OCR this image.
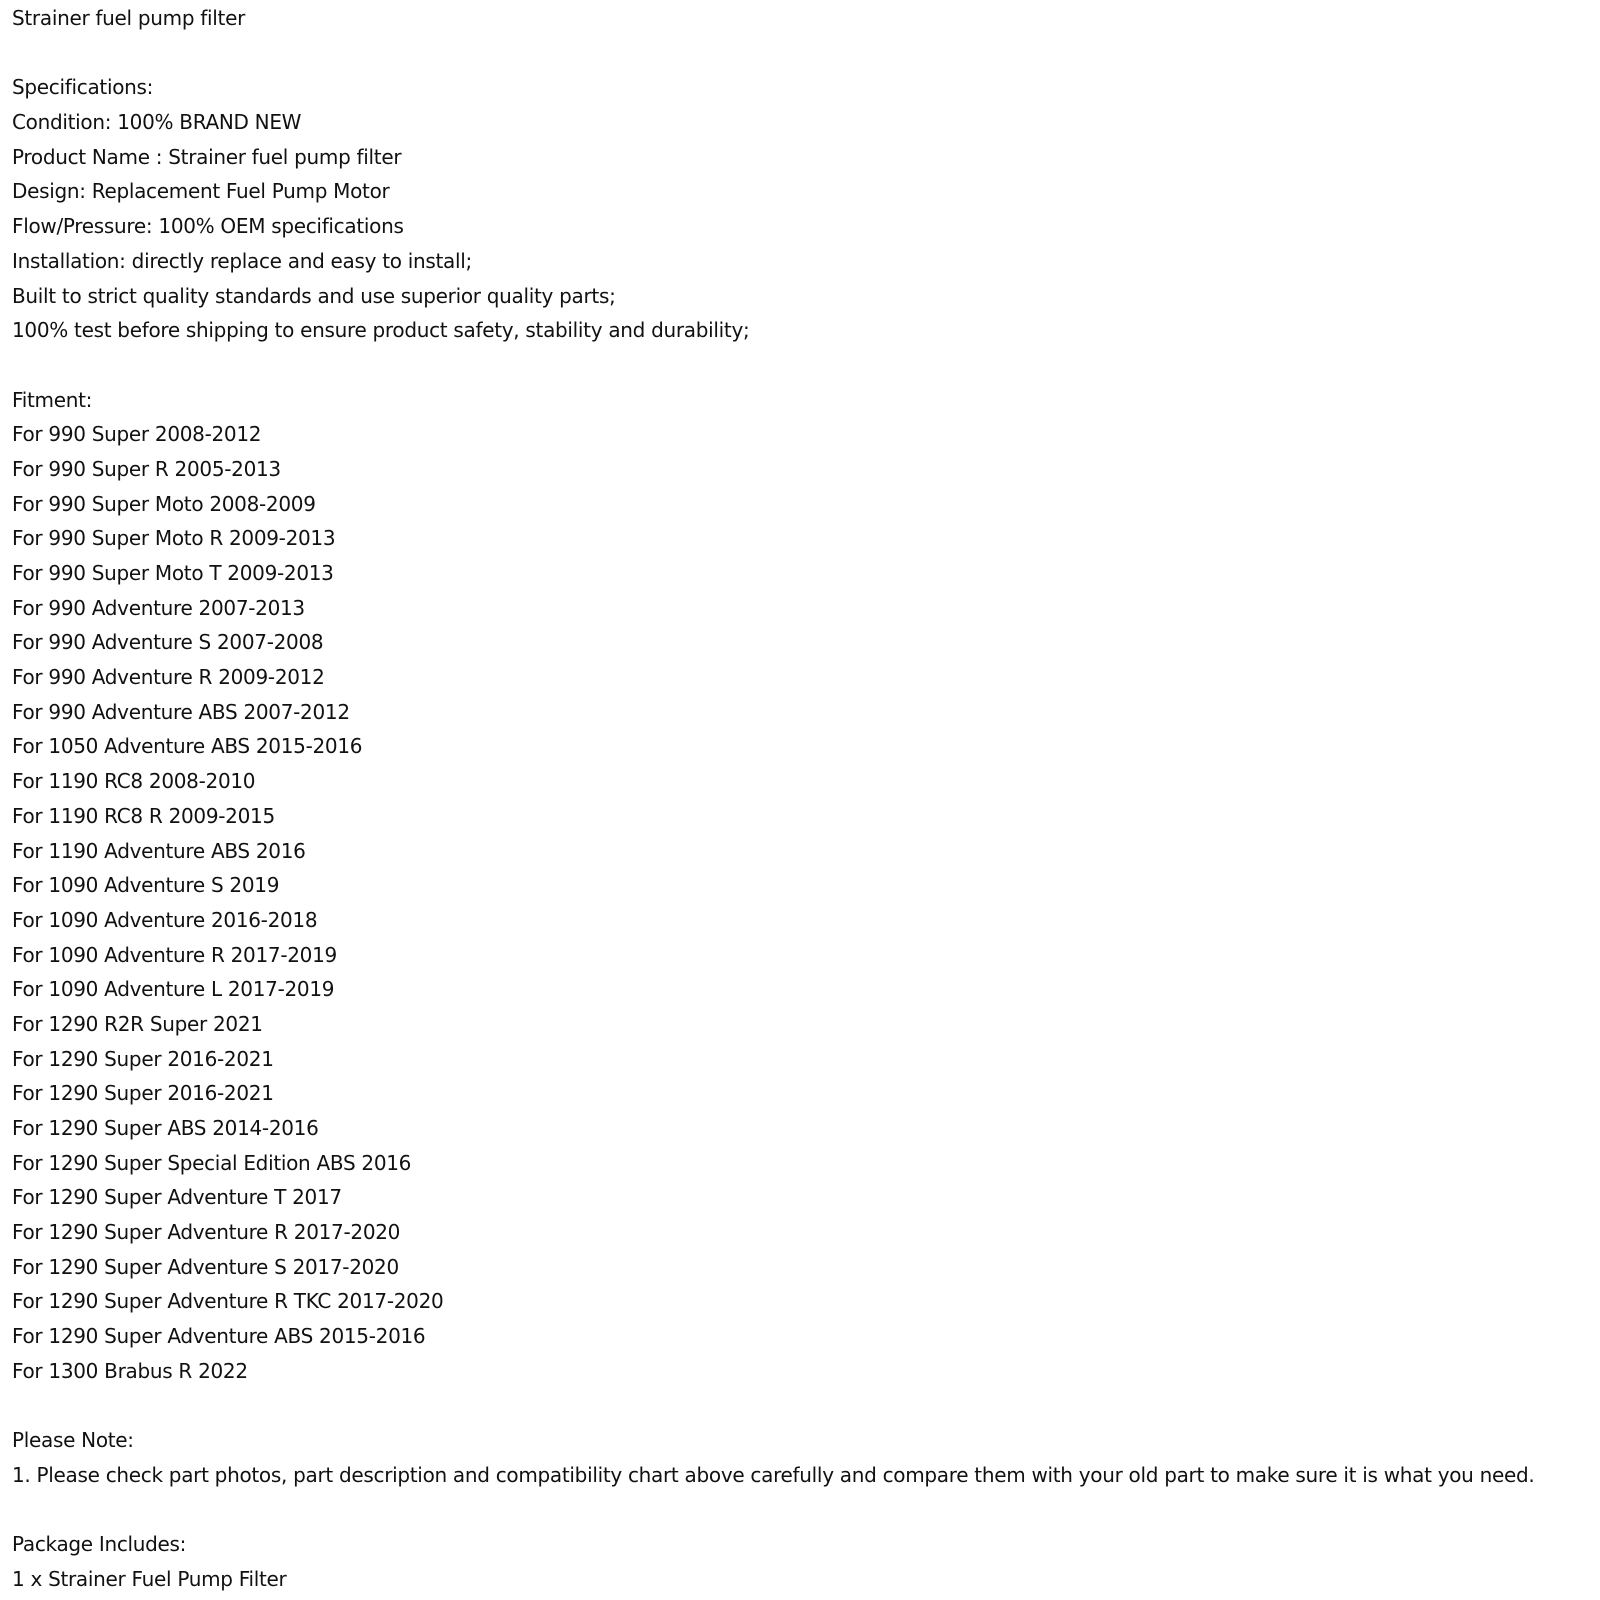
Strainer fuel pump filter
Specifications:
Condition: 100% BRAND NEW
Product Name : Strainer fuel pump filter
Design: Replacement Fuel Pump Motor
Flow/Pressure: 100% OEM specifications
Installation: directly replace and easy to install;
Built to strict quality standards and use superior quality parts;
100% test before shipping to ensure product safety, stability and durability;
Fitment:
For 990 Super 2008-2012
For 990 Super R 2005-2013
For 990 Super Moto 2008-2009
For 990 Super Moto R 2009-2013
For 990 Super Moto T 2009-2013
For 990 Adventure 2007-2013
For 990 Adventure S 2007-2008
For 990 Adventure R 2009-2012
For 990 Adventure ABS 2007-2012
For 1050 Adventure ABS 2015-2016
For 1190 RC8 2008-2010
For 1190 RC8 R 2009-2015
For 1190 Adventure ABS 2016
For 1090 Adventure S 2019
For 1090 Adventure 2016-2018
For 1090 Adventure R 2017-2019
For 1090 Adventure L 2017-2019
For 1290 R2R Super 2021
For 1290 Super 2016-2021
For 1290 Super 2016-2021
For 1290 Super ABS 2014-2016
For 1290 Super Special Edition ABS 2016
For 1290 Super Adventure T 2017
For 1290 Super Adventure R 2017-2020
For 1290 Super Adventure S 2017-2020
For 1290 Super Adventure R TKC 2017-2020
For 1290 Super Adventure ABS 2015-2016
For 1300 Brabus R 2022
Please Note:
1. Please check part photos, part description and compatibility chart above carefully and compare them with your old part to make sure it is what you need.
Package Includes:
1 x Strainer Fuel Pump Filter
